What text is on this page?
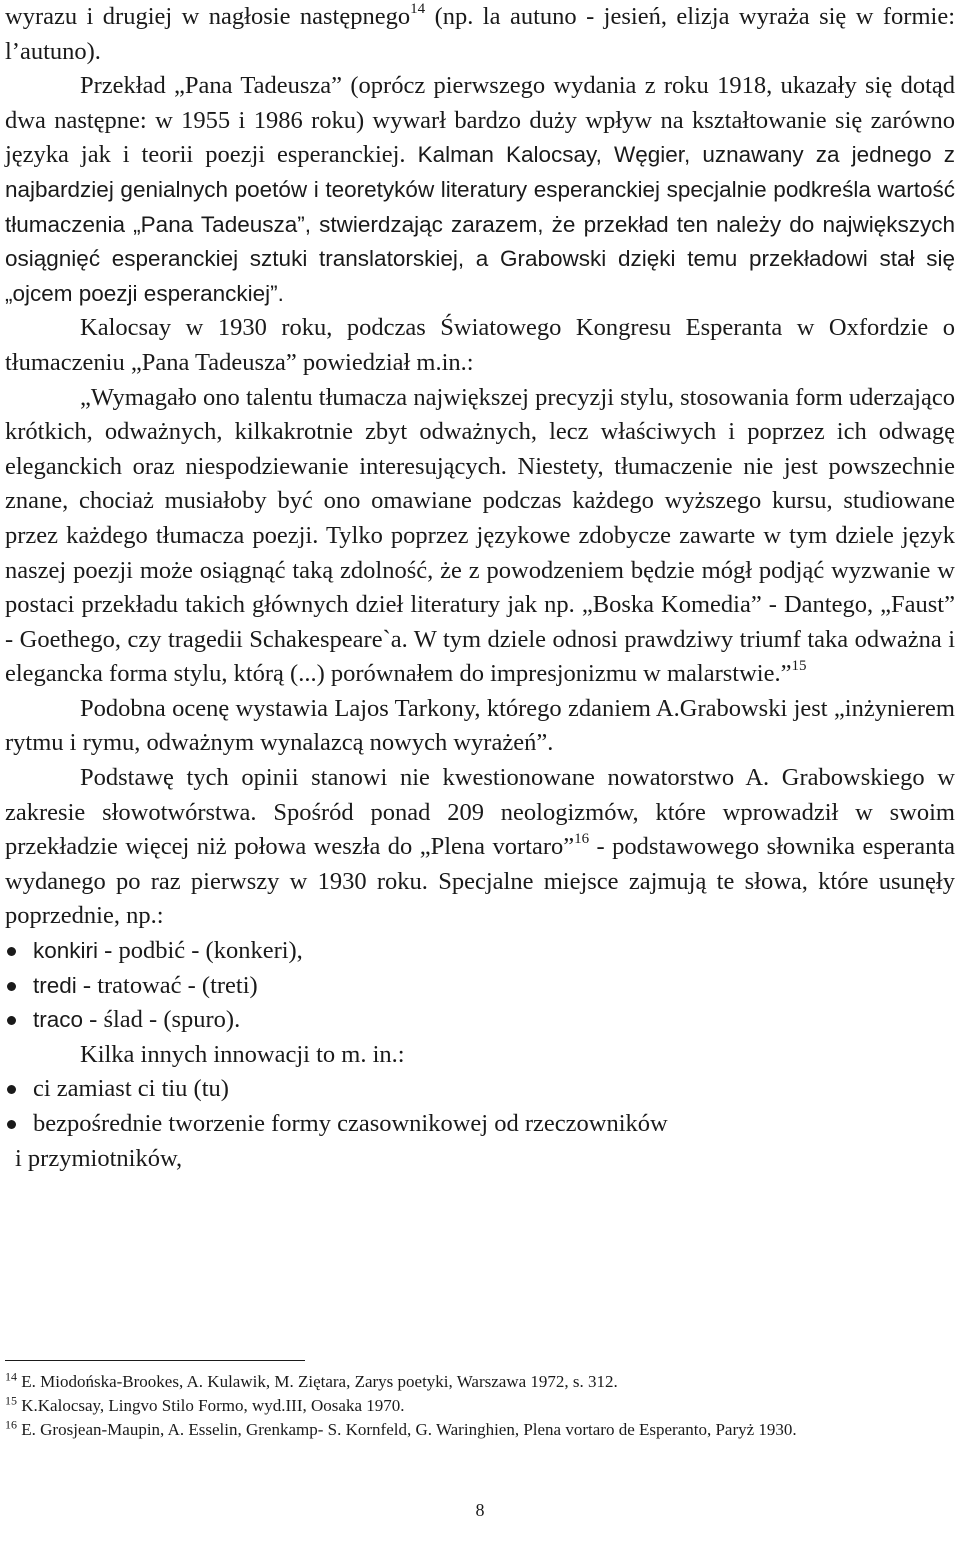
wyrazu i drugiej w nagłosie następnego$^{14}$ (np. la autuno - jesień, elizja wyraża się w formie: l’autuno).

Przekład „Pana Tadeusza” (oprócz pierwszego wydania z roku 1918, ukazały się dotąd dwa następne: w 1955 i 1986 roku) wywarł bardzo duży wpływ na kształtowanie się zarówno języka jak i teorii poezji esperanckiej. Kalman Kalocsay, Węgier, uznawany za jednego z najbardziej genialnych poetów i teoretyków literatury esperanckiej specjalnie podkreśla wartość tłumaczenia „Pana Tadeusza”, stwierdzając zarazem, że przekład ten należy do największych osiągnięć esperanckiej sztuki translatorskiej, a Grabowski dzięki temu przekładowi stał się „ojcem poezji esperanckiej”.

Kalocsay w 1930 roku, podczas Światowego Kongresu Esperanta w Oxfordzie o tłumaczeniu „Pana Tadeusza” powiedział m.in.:

„Wymagało ono talentu tłumacza największej precyzji stylu, stosowania form uderzająco krótkich, odważnych, kilkakrotnie zbyt odważnych, lecz właściwych i poprzez ich odwagę eleganckich oraz niespodziewanie interesujących. Niestety, tłumaczenie nie jest powszechnie znane, chociaż musiałoby być ono omawiane podczas każdego wyższego kursu, studiowane przez każdego tłumacza poezji. Tylko poprzez językowe zdobycze zawarte w tym dziele język naszej poezji może osiągnąć taką zdolność, że z powodzeniem będzie mógł podjąć wyzwanie w postaci przekładu takich głównych dzieł literatury jak np. „Boska Komedia” - Dantego, „Faust” - Goethego, czy tragedii Schakespeare`a. W tym dziele odnosi prawdziwy triumf taka odważna i elegancka forma stylu, którą (...) porównałem do impresjonizmu w malarstwie.”$^{15}$

Podobna ocenę wystawia Lajos Tarkony, którego zdaniem A.Grabowski jest „inżynierem rytmu i rymu, odważnym wynalazcą nowych wyrażeń”.

Podstawę tych opinii stanowi nie kwestionowane nowatorstwo A. Grabowskiego w zakresie słowotwórstwa. Spośród ponad 209 neologizmów, które wprowadził w swoim przekładzie więcej niż połowa weszła do „Plena vortaro”$^{16}$ - podstawowego słownika esperanta wydanego po raz pierwszy w 1930 roku. Specjalne miejsce zajmują te słowa, które usunęły poprzednie, np.:

konkiri - podbić - (konkeri),
tredi - tratować - (treti)
traco - ślad - (spuro).

Kilka innych innowacji to m. in.:

ci zamiast ci tiu (tu)
bezpośrednie tworzenie formy czasownikowej od rzeczowników

i przymiotników,

$^{14}$ E. Miodońska-Brookes, A. Kulawik, M. Ziętara, Zarys poetyki, Warszawa 1972, s. 312.

$^{15}$ K.Kalocsay, Lingvo Stilo Formo, wyd.III, Oosaka 1970.

$^{16}$ E. Grosjean-Maupin, A. Esselin, Grenkamp- S. Kornfeld, G. Waringhien, Plena vortaro de Esperanto, Paryż 1930.

8
